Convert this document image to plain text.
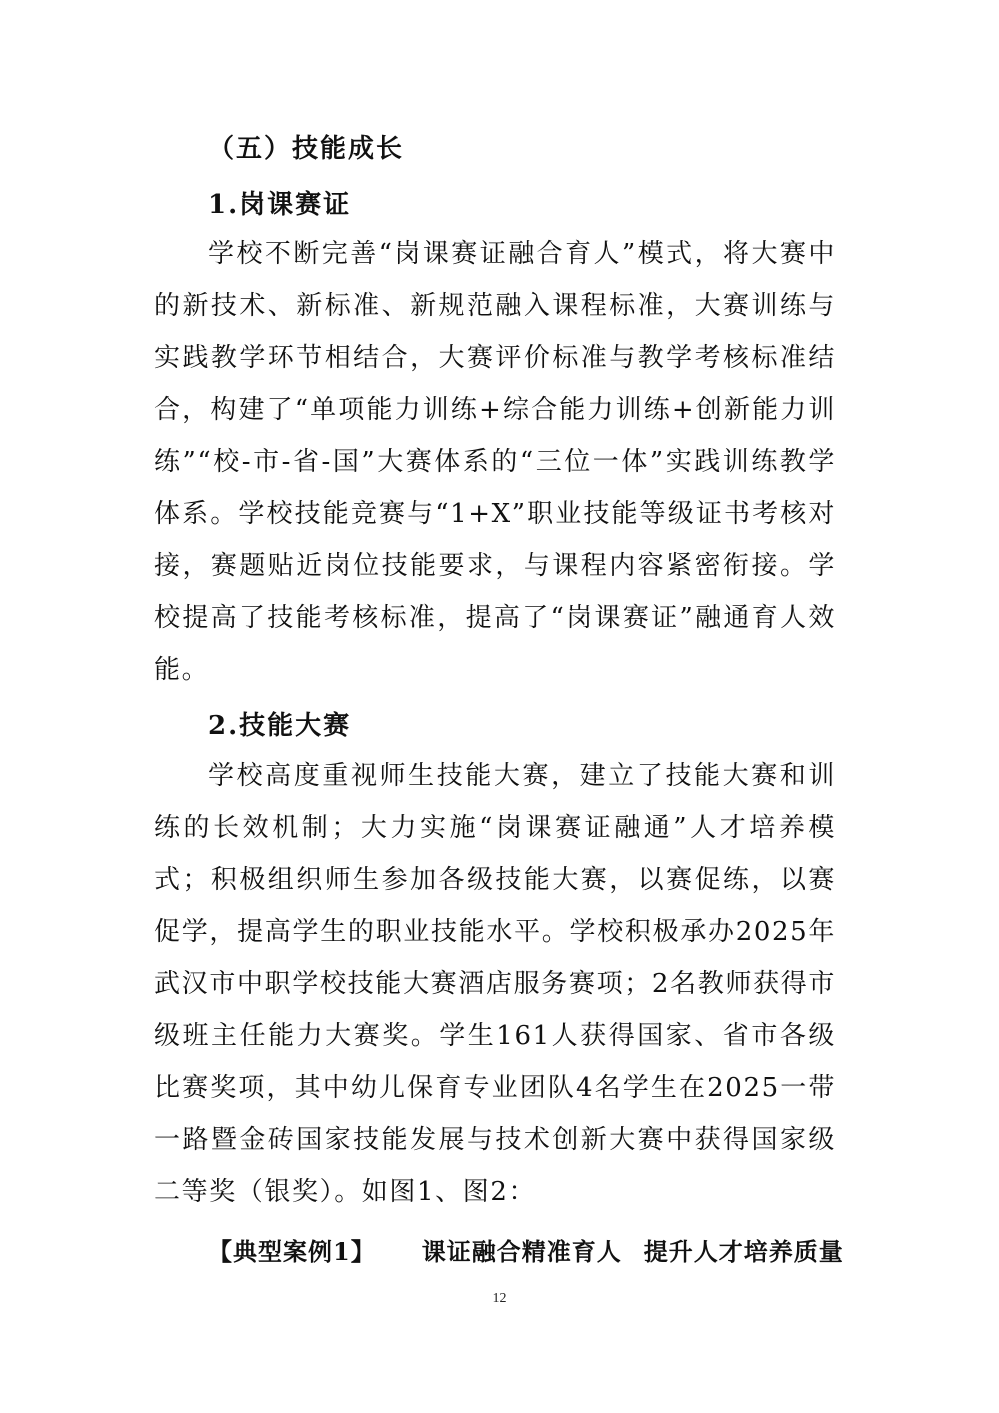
（五）技能成长
1.岗课赛证

学校不断完善“岗课赛证融合育人”模式，将大赛中的新技术、新标准、新规范融入课程标准，大赛训练与实践教学环节相结合，大赛评价标准与教学考核标准结合，构建了“单项能力训练+综合能力训练+创新能力训练”“校-市-省-国”大赛体系的“三位一体”实践训练教学体系。学校技能竞赛与“1+X”职业技能等级证书考核对接，赛题贴近岗位技能要求，与课程内容紧密衔接。学校提高了技能考核标准，提高了“岗课赛证”融通育人效能。

2.技能大赛

学校高度重视师生技能大赛，建立了技能大赛和训练的长效机制；大力实施“岗课赛证融通”人才培养模式；积极组织师生参加各级技能大赛，以赛促练，以赛促学，提高学生的职业技能水平。学校积极承办2025年武汉市中职学校技能大赛酒店服务赛项；2名教师获得市级班主任能力大赛奖。学生161人获得国家、省市各级比赛奖项，其中幼儿保育专业团队4名学生在2025一带一路暨金砖国家技能发展与技术创新大赛中获得国家级二等奖（银奖）。如图1、图2：

【典型案例1】 课证融合精准育人 提升人才培养质量
12
